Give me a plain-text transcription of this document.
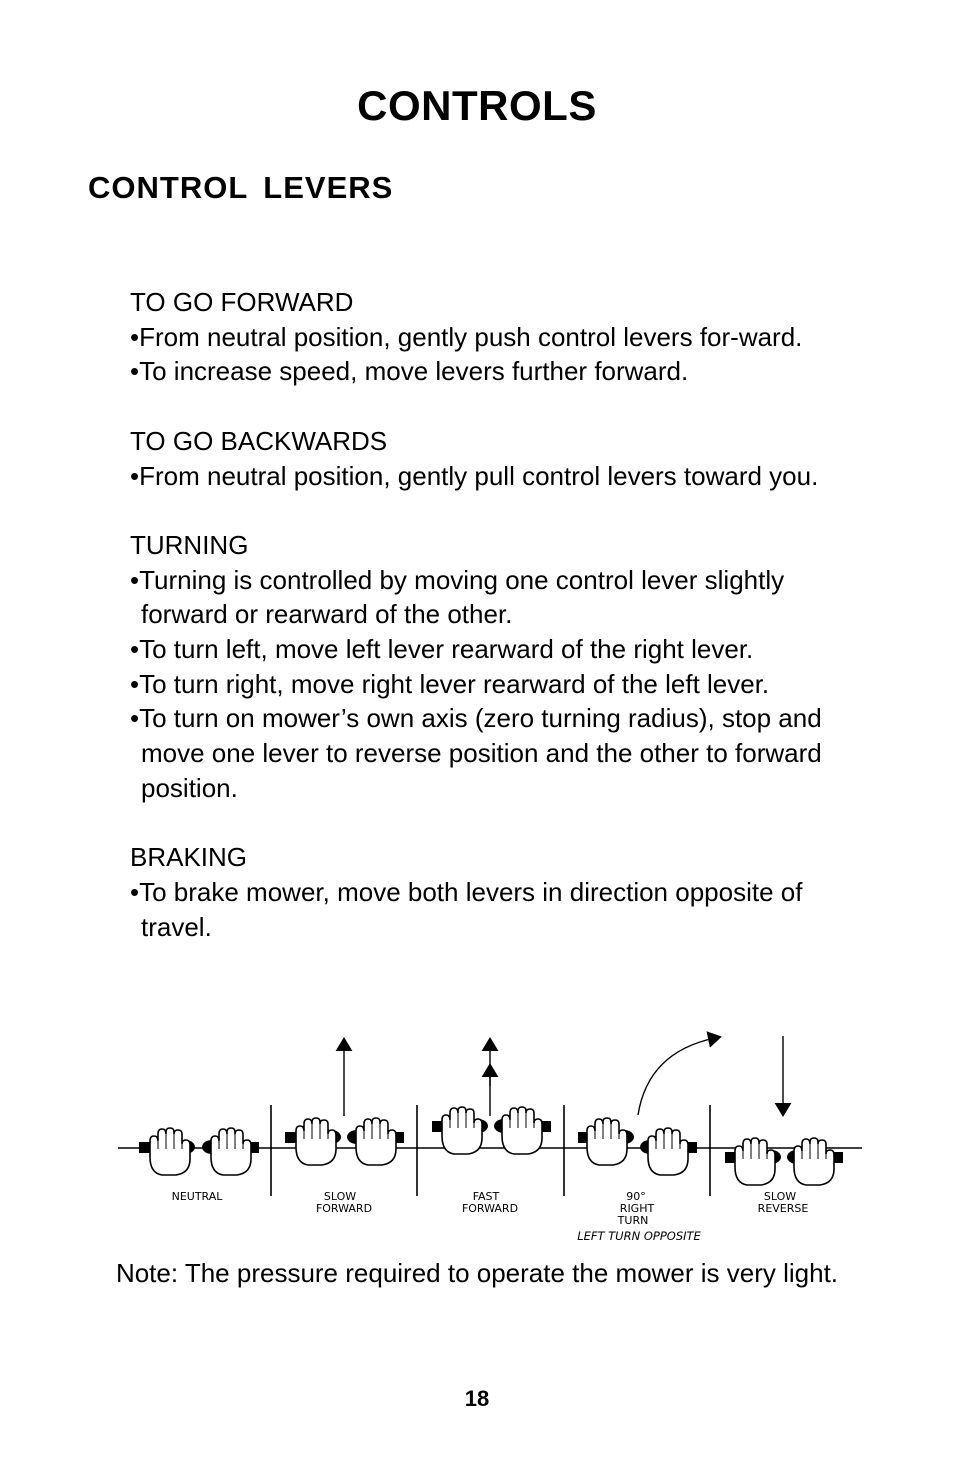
CONTROLS
CONTROL LEVERS
TO GO FORWARD
•From neutral position, gently push control levers for-ward.
•To increase speed, move levers further forward.
TO GO BACKWARDS
•From neutral position, gently pull control levers toward you.
TURNING
•Turning is controlled by moving one control lever slightly forward or rearward of the other.
•To turn left, move left lever rearward of the right lever.
•To turn right, move right lever rearward of the left lever.
•To turn on mower’s own axis (zero turning radius), stop and move one lever to reverse position and the other to forward position.
BRAKING
•To brake mower, move both levers in direction opposite of travel.
NEUTRAL	SLOW
FORWARD
FAST
FORWARD
90°
RIGHT
TURN
SLOW
REVERSE
LEFT TURN OPPOSITE
Note: The pressure required to operate the mower is very light.
18
